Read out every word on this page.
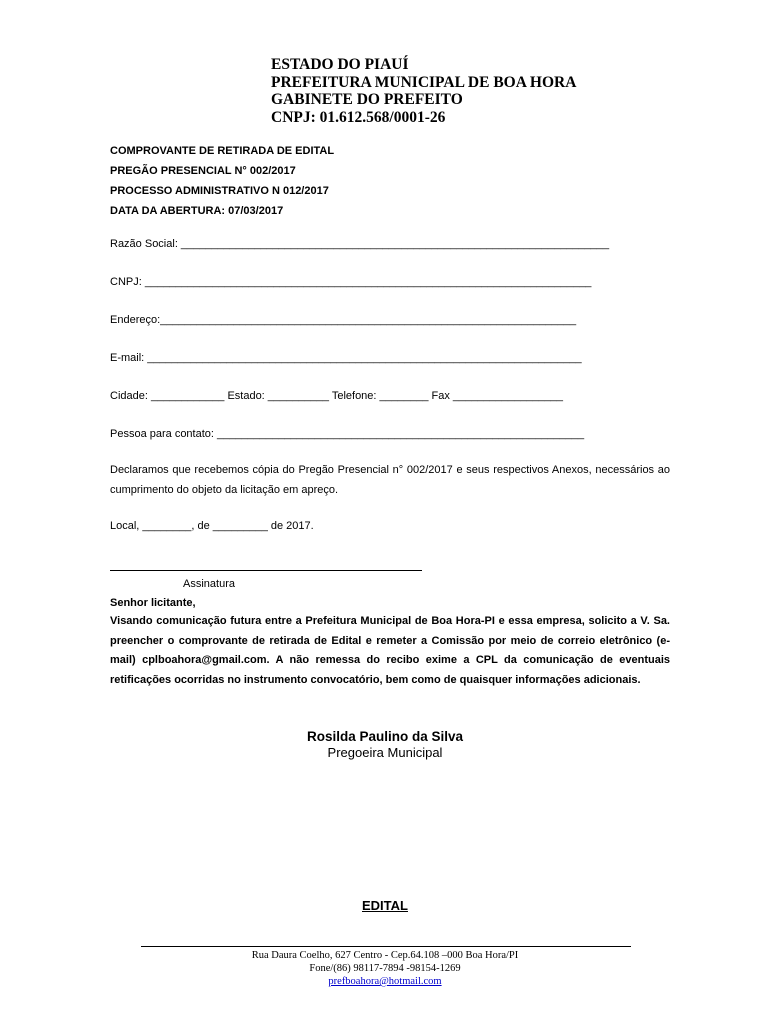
ESTADO DO PIAUÍ
PREFEITURA MUNICIPAL DE BOA HORA
GABINETE DO PREFEITO
CNPJ: 01.612.568/0001-26
COMPROVANTE DE RETIRADA DE EDITAL
PREGÃO PRESENCIAL N° 002/2017
PROCESSO ADMINISTRATIVO N 012/2017
DATA DA ABERTURA: 07/03/2017
Razão Social: ______________________________________________________________________
CNPJ: _________________________________________________________________________
Endereço:____________________________________________________________________
E-mail: _______________________________________________________________________
Cidade: ____________ Estado: __________ Telefone: ________ Fax __________________
Pessoa para contato: ____________________________________________________________
Declaramos que recebemos cópia do Pregão Presencial n° 002/2017 e seus respectivos Anexos, necessários ao cumprimento do objeto da licitação em apreço.
Local, ________, de _________ de 2017.
Assinatura
Senhor licitante,
Visando comunicação futura entre a Prefeitura Municipal de Boa Hora-PI e essa empresa, solicito a V. Sa. preencher o comprovante de retirada de Edital e remeter a Comissão por meio de correio eletrônico (e-mail) cplboahora@gmail.com. A não remessa do recibo exime a CPL da comunicação de eventuais retificações ocorridas no instrumento convocatório, bem como de quaisquer informações adicionais.
Rosilda Paulino da Silva
Pregoeira Municipal
EDITAL
Rua Daura Coelho, 627 Centro - Cep.64.108 –000 Boa Hora/PI
Fone/(86) 98117-7894 -98154-1269
prefboahora@hotmail.com
